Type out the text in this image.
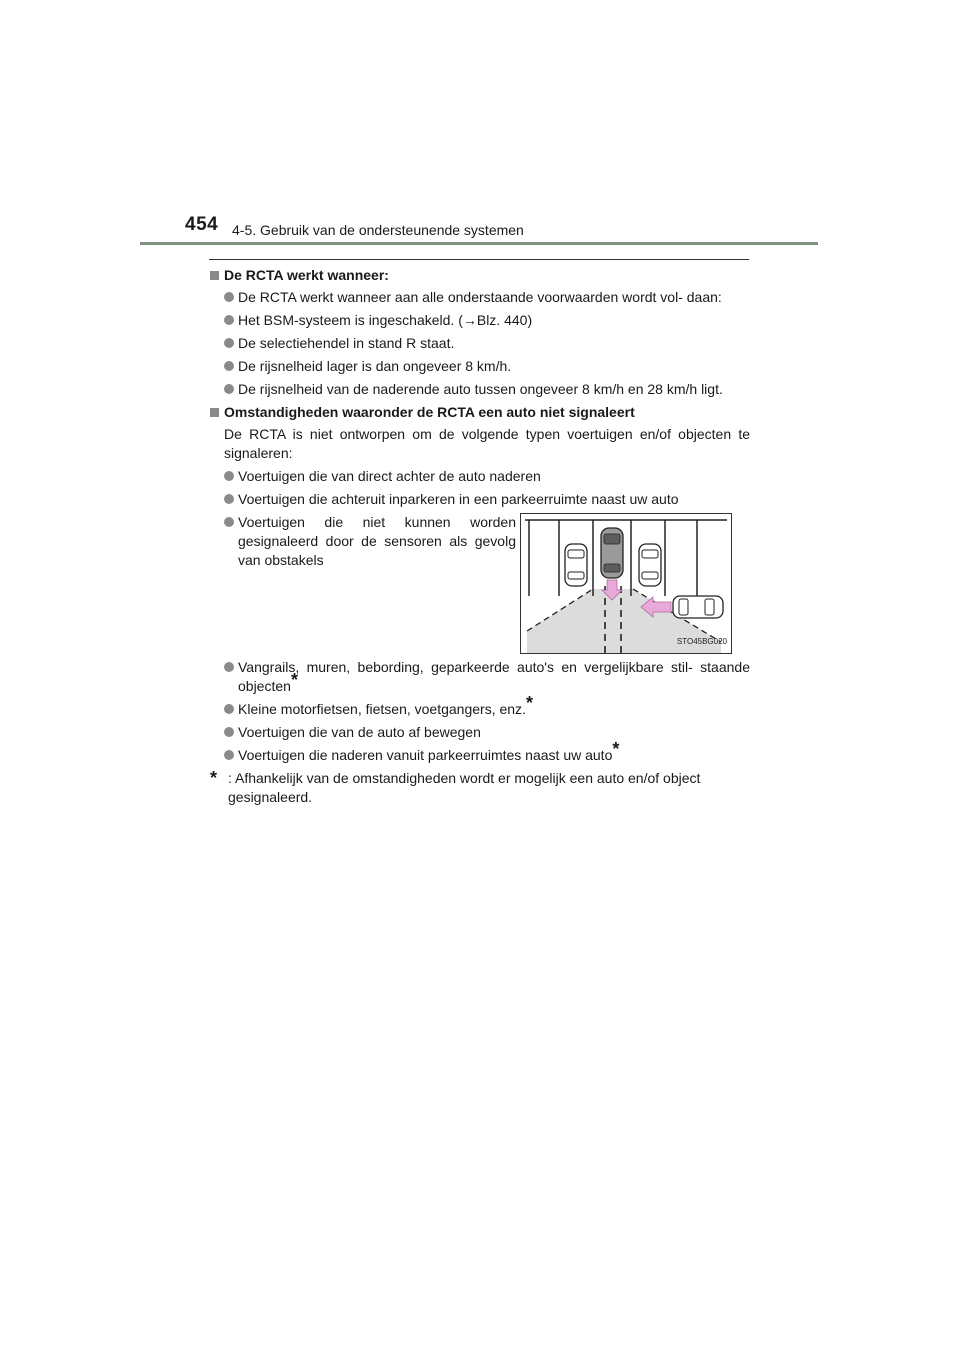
454 4-5. Gebruik van de ondersteunende systemen
De RCTA werkt wanneer:
De RCTA werkt wanneer aan alle onderstaande voorwaarden wordt vol- daan:
Het BSM-systeem is ingeschakeld. (→Blz. 440)
De selectiehendel in stand R staat.
De rijsnelheid lager is dan ongeveer 8 km/h.
De rijsnelheid van de naderende auto tussen ongeveer 8 km/h en 28 km/h ligt.
Omstandigheden waaronder de RCTA een auto niet signaleert
De RCTA is niet ontworpen om de volgende typen voertuigen en/of objecten te signaleren:
Voertuigen die van direct achter de auto naderen
Voertuigen die achteruit inparkeren in een parkeerruimte naast uw auto
Voertuigen die niet kunnen worden gesignaleerd door de sensoren als gevolg van obstakels
STO45BG020
Vangrails, muren, bebording, geparkeerde auto's en vergelijkbare stil- staande objecten*
Kleine motorfietsen, fietsen, voetgangers, enz.*
Voertuigen die van de auto af bewegen
Voertuigen die naderen vanuit parkeerruimtes naast uw auto*
* : Afhankelijk van de omstandigheden wordt er mogelijk een auto en/of object gesignaleerd.
